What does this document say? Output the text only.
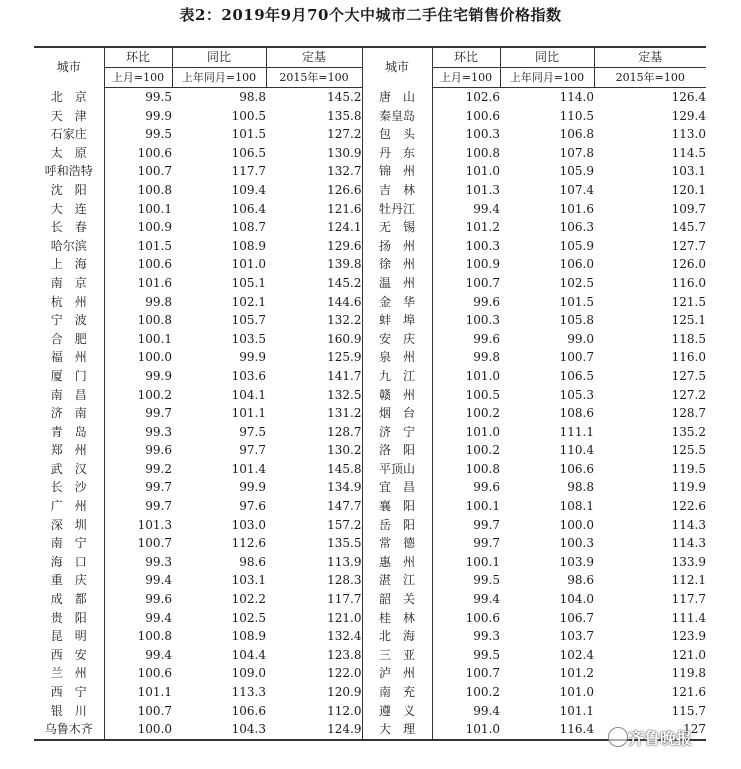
表2：2019年9月70个大中城市二手住宅销售价格指数
城市	环比	同比	定基	城市	环比	同比	定基
	上月=100	上年同月=100	2015年=100		上月=100	上年同月=100	2015年=100
北　京	99.5	98.8	145.2	唐　山	102.6	114.0	126.4
天　津	99.9	100.5	135.8	秦皇岛	100.6	110.5	129.4
石家庄	99.5	101.5	127.2	包　头	100.3	106.8	113.0
太　原	100.6	106.5	130.9	丹　东	100.8	107.8	114.5
呼和浩特	100.7	117.7	132.7	锦　州	101.0	105.9	103.1
沈　阳	100.8	109.4	126.6	吉　林	101.3	107.4	120.1
大　连	100.1	106.4	121.6	牡丹江	99.4	101.6	109.7
长　春	100.9	108.7	124.1	无　锡	101.2	106.3	145.7
哈尔滨	101.5	108.9	129.6	扬　州	100.3	105.9	127.7
上　海	100.6	101.0	139.8	徐　州	100.9	106.0	126.0
南　京	101.6	105.1	145.2	温　州	100.7	102.5	116.0
杭　州	99.8	102.1	144.6	金　华	99.6	101.5	121.5
宁　波	100.8	105.7	132.2	蚌　埠	100.3	105.8	125.1
合　肥	100.1	103.5	160.9	安　庆	99.6	99.0	118.5
福　州	100.0	99.9	125.9	泉　州	99.8	100.7	116.0
厦　门	99.9	103.6	141.7	九　江	101.0	106.5	127.5
南　昌	100.2	104.1	132.5	赣　州	100.5	105.3	127.2
济　南	99.7	101.1	131.2	烟　台	100.2	108.6	128.7
青　岛	99.3	97.5	128.7	济　宁	101.0	111.1	135.2
郑　州	99.6	97.7	130.2	洛　阳	100.2	110.4	125.5
武　汉	99.2	101.4	145.8	平顶山	100.8	106.6	119.5
长　沙	99.7	99.9	134.9	宜　昌	99.6	98.8	119.9
广　州	99.7	97.6	147.7	襄　阳	100.1	108.1	122.6
深　圳	101.3	103.0	157.2	岳　阳	99.7	100.0	114.3
南　宁	100.7	112.6	135.5	常　德	99.7	100.3	114.3
海　口	99.3	98.6	113.9	惠　州	100.1	103.9	133.9
重　庆	99.4	103.1	128.3	湛　江	99.5	98.6	112.1
成　都	99.6	102.2	117.7	韶　关	99.4	104.0	117.7
贵　阳	99.4	102.5	121.0	桂　林	100.6	106.7	111.4
昆　明	100.8	108.9	132.4	北　海	99.3	103.7	123.9
西　安	99.4	104.4	123.8	三　亚	99.5	102.4	121.0
兰　州	100.6	109.0	122.0	泸　州	100.7	101.2	119.8
西　宁	101.1	113.3	120.9	南　充	100.2	101.0	121.6
银　川	100.7	106.6	112.0	遵　义	99.4	101.1	115.7
乌鲁木齐	100.0	104.3	124.9	大　理	101.0	116.4	127
齐鲁晚报
